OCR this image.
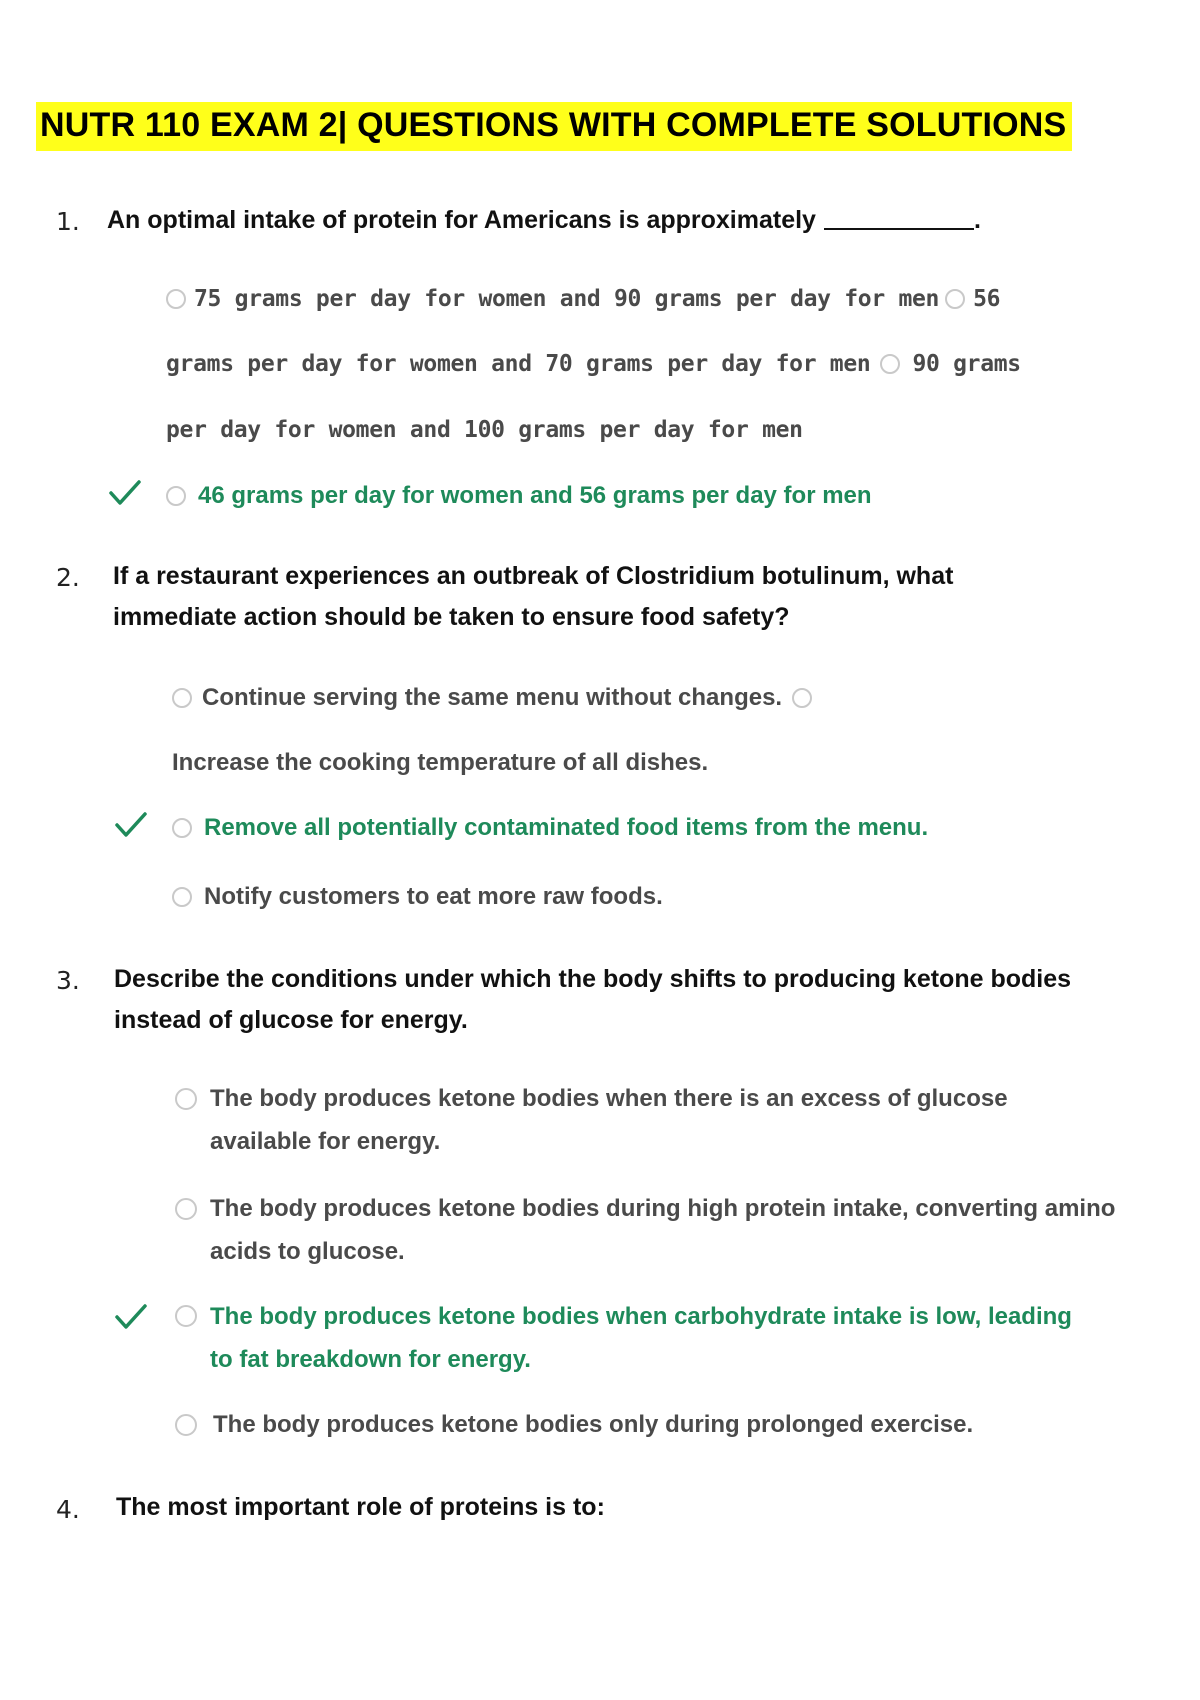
NUTR 110 EXAM 2| QUESTIONS WITH COMPLETE SOLUTIONS
1. An optimal intake of protein for Americans is approximately	.
75 grams per day for women and 90 grams per day for men 56
grams per day for women and 70 grams per day for men 90 grams
per day for women and 100 grams per day for men
46 grams per day for women and 56 grams per day for men
2. If a restaurant experiences an outbreak of Clostridium botulinum, what immediate action should be taken to ensure food safety?
Continue serving the same menu without changes.
Increase the cooking temperature of all dishes.
Remove all potentially contaminated food items from the menu.
Notify customers to eat more raw foods.
3. Describe the conditions under which the body shifts to producing ketone bodies instead of glucose for energy.
The body produces ketone bodies when there is an excess of glucose available for energy.
The body produces ketone bodies during high protein intake, converting amino acids to glucose.
The body produces ketone bodies when carbohydrate intake is low, leading to fat breakdown for energy.
The body produces ketone bodies only during prolonged exercise.
4. The most important role of proteins is to:
